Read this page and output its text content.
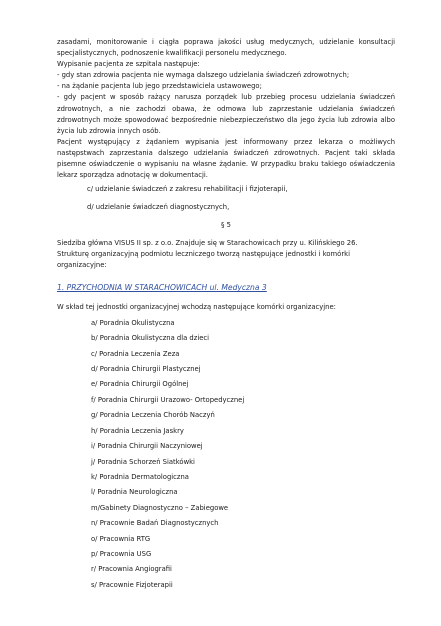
zasadami, monitorowanie i ciągła poprawa jakości usług medycznych, udzielanie konsultacji specjalistycznych, podnoszenie kwalifikacji personelu medycznego.

Wypisanie pacjenta ze szpitala następuje:

- gdy stan zdrowia pacjenta nie wymaga dalszego udzielania świadczeń zdrowotnych;

- na żądanie pacjenta lub jego przedstawiciela ustawowego;

- gdy pacjent w sposób rażący narusza porządek lub przebieg procesu udzielania świadczeń zdrowotnych, a nie zachodzi obawa, że odmowa lub zaprzestanie udzielania świadczeń zdrowotnych może spowodować bezpośrednie niebezpieczeństwo dla jego życia lub zdrowia albo życia lub zdrowia innych osób.

Pacjent występujący z żądaniem wypisania jest informowany przez lekarza o możliwych następstwach zaprzestania dalszego udzielania świadczeń zdrowotnych. Pacjent taki składa pisemne oświadczenie o wypisaniu na własne żądanie. W przypadku braku takiego oświadczenia lekarz sporządza adnotację w dokumentacji.

c/ udzielanie świadczeń z zakresu rehabilitacji i fizjoterapii,

d/ udzielanie świadczeń diagnostycznych,

§ 5

Siedziba główna VISUS II sp. z o.o. Znajduje się w Starachowicach przy u. Kilińskiego 26.

Strukturę organizacyjną podmiotu leczniczego tworzą następujące jednostki i komórki organizacyjne:

1. PRZYCHODNIA W STARACHOWICACH ul. Medyczna 3

W skład tej jednostki organizacyjnej wchodzą następujące komórki organizacyjne:

a/ Poradnia Okulistyczna
b/ Poradnia Okulistyczna dla dzieci
c/ Poradnia Leczenia Zeza
d/ Poradnia Chirurgii Plastycznej
e/ Poradnia Chirurgii Ogólnej
f/ Poradnia Chirurgii Urazowo- Ortopedycznej
g/ Poradnia Leczenia Chorób Naczyń
h/ Poradnia Leczenia Jaskry
i/ Poradnia Chirurgii Naczyniowej
j/ Poradnia Schorzeń Siatkówki
k/ Poradnia Dermatologiczna
l/ Poradnia Neurologiczna
m/Gabinety Diagnostyczno – Zabiegowe
n/ Pracownie Badań Diagnostycznych
o/ Pracownia RTG
p/ Pracownia USG
r/ Pracownia Angiografii
s/ Pracownie Fizjoterapii
